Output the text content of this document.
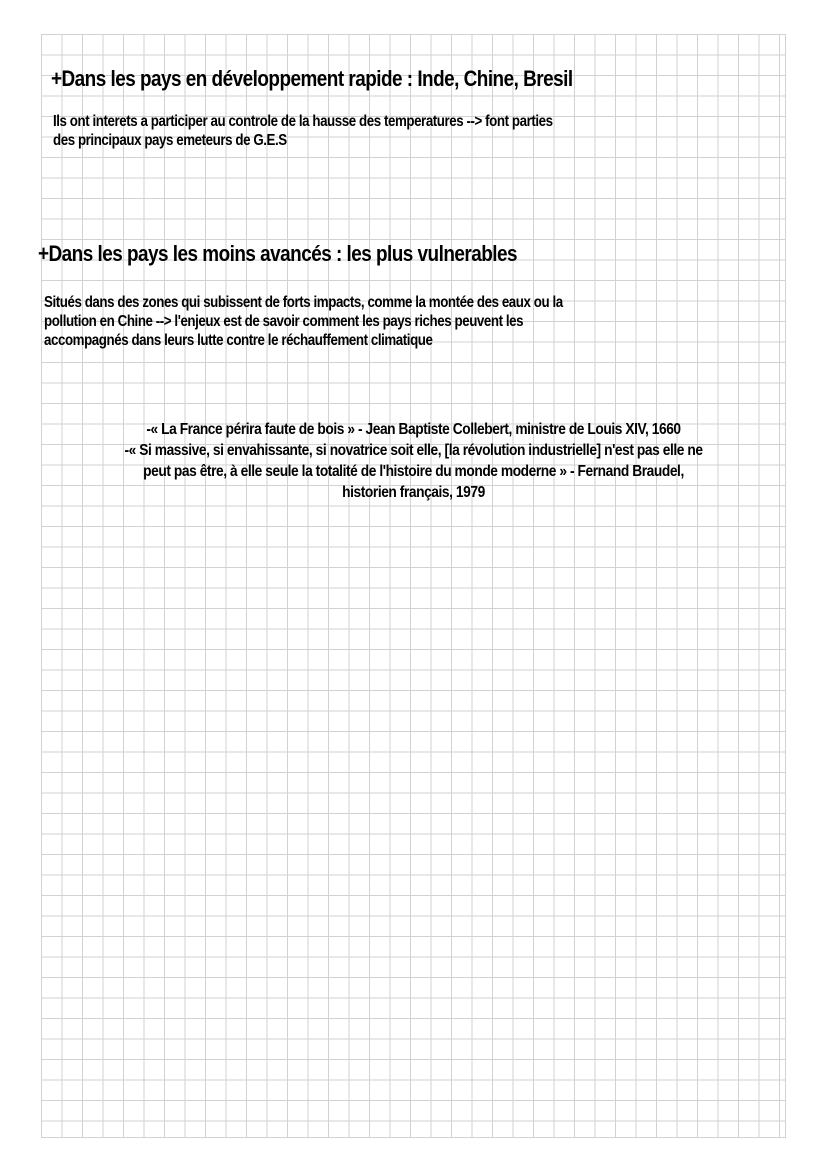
+Dans les pays en développement rapide : Inde, Chine, Bresil
Ils ont interets a participer au controle de la hausse des temperatures --> font parties
des principaux pays emeteurs de G.E.S
+Dans les pays les moins avancés : les plus vulnerables
Situés dans des zones qui subissent de forts impacts, comme la montée des eaux ou la
pollution en Chine --> l'enjeux est de savoir comment les pays riches peuvent les
accompagnés dans leurs lutte contre le réchauffement climatique
-« La France périra faute de bois » - Jean Baptiste Collebert, ministre de Louis XIV, 1660
-« Si massive, si envahissante, si novatrice soit elle, [la révolution industrielle] n'est pas elle ne
peut pas être, à elle seule la totalité de l'histoire du monde moderne » - Fernand Braudel,
historien français, 1979
